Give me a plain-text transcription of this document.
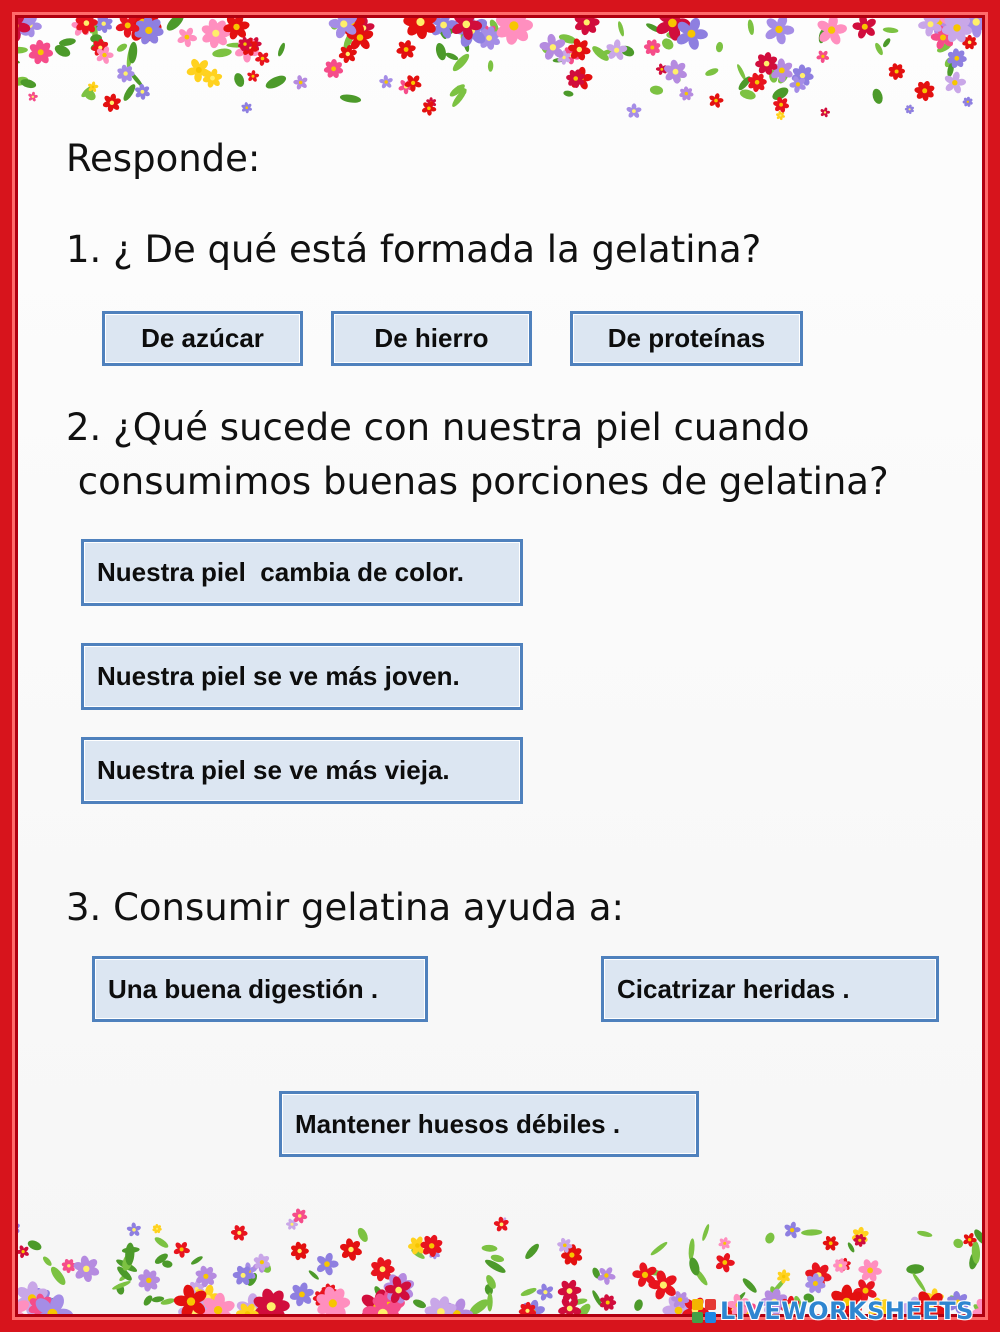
Responde:
1. ¿ De qué está formada la gelatina?
De azúcar	De hierro	De proteínas
2. ¿Qué sucede con nuestra piel cuando
consumimos buenas porciones de gelatina?
Nuestra piel  cambia de color.
Nuestra piel se ve más joven.
Nuestra piel se ve más vieja.
3. Consumir gelatina ayuda a:
Una buena digestión .	Cicatrizar heridas .
Mantener huesos débiles .
LIVEWORKSHEETS
